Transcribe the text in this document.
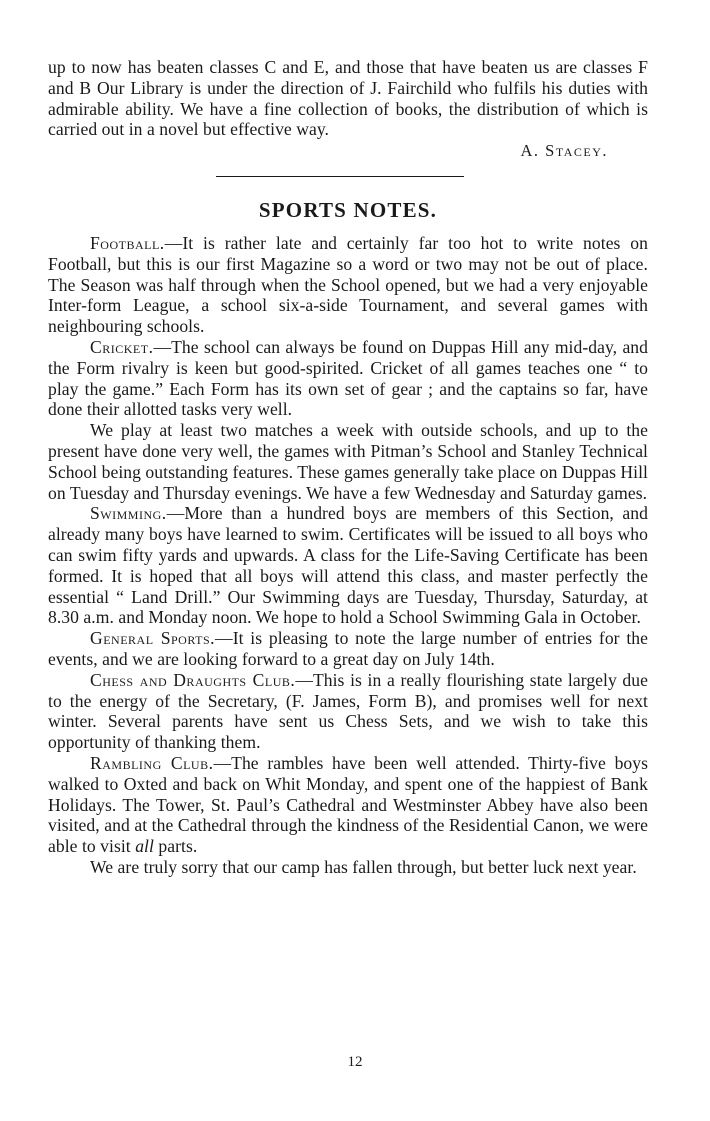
up to now has beaten classes C and E, and those that have beaten us are classes F and B Our Library is under the direction of J. Fairchild who fulfils his duties with admirable ability. We have a fine collection of books, the distribution of which is carried out in a novel but effective way.

A. Stacey.

SPORTS NOTES.

Football.—It is rather late and certainly far too hot to write notes on Football, but this is our first Magazine so a word or two may not be out of place. The Season was half through when the School opened, but we had a very enjoyable Inter-form League, a school six-a-side Tournament, and several games with neighbouring schools.

Cricket.—The school can always be found on Duppas Hill any mid-day, and the Form rivalry is keen but good-spirited. Cricket of all games teaches one “ to play the game.” Each Form has its own set of gear ; and the captains so far, have done their allotted tasks very well.

We play at least two matches a week with outside schools, and up to the present have done very well, the games with Pitman’s School and Stanley Technical School being outstanding features. These games generally take place on Duppas Hill on Tuesday and Thursday evenings. We have a few Wednesday and Saturday games.

Swimming.—More than a hundred boys are members of this Section, and already many boys have learned to swim. Certificates will be issued to all boys who can swim fifty yards and upwards. A class for the Life-Saving Certificate has been formed. It is hoped that all boys will attend this class, and master perfectly the essential “ Land Drill.” Our Swimming days are Tuesday, Thursday, Saturday, at 8.30 a.m. and Monday noon. We hope to hold a School Swimming Gala in October.

General Sports.—It is pleasing to note the large number of entries for the events, and we are looking forward to a great day on July 14th.

Chess and Draughts Club.—This is in a really flourishing state largely due to the energy of the Secretary, (F. James, Form B), and promises well for next winter. Several parents have sent us Chess Sets, and we wish to take this opportunity of thanking them.

Rambling Club.—The rambles have been well attended. Thirty-five boys walked to Oxted and back on Whit Monday, and spent one of the happiest of Bank Holidays. The Tower, St. Paul’s Cathedral and Westminster Abbey have also been visited, and at the Cathedral through the kindness of the Residential Canon, we were able to visit all parts.

We are truly sorry that our camp has fallen through, but better luck next year.

12
